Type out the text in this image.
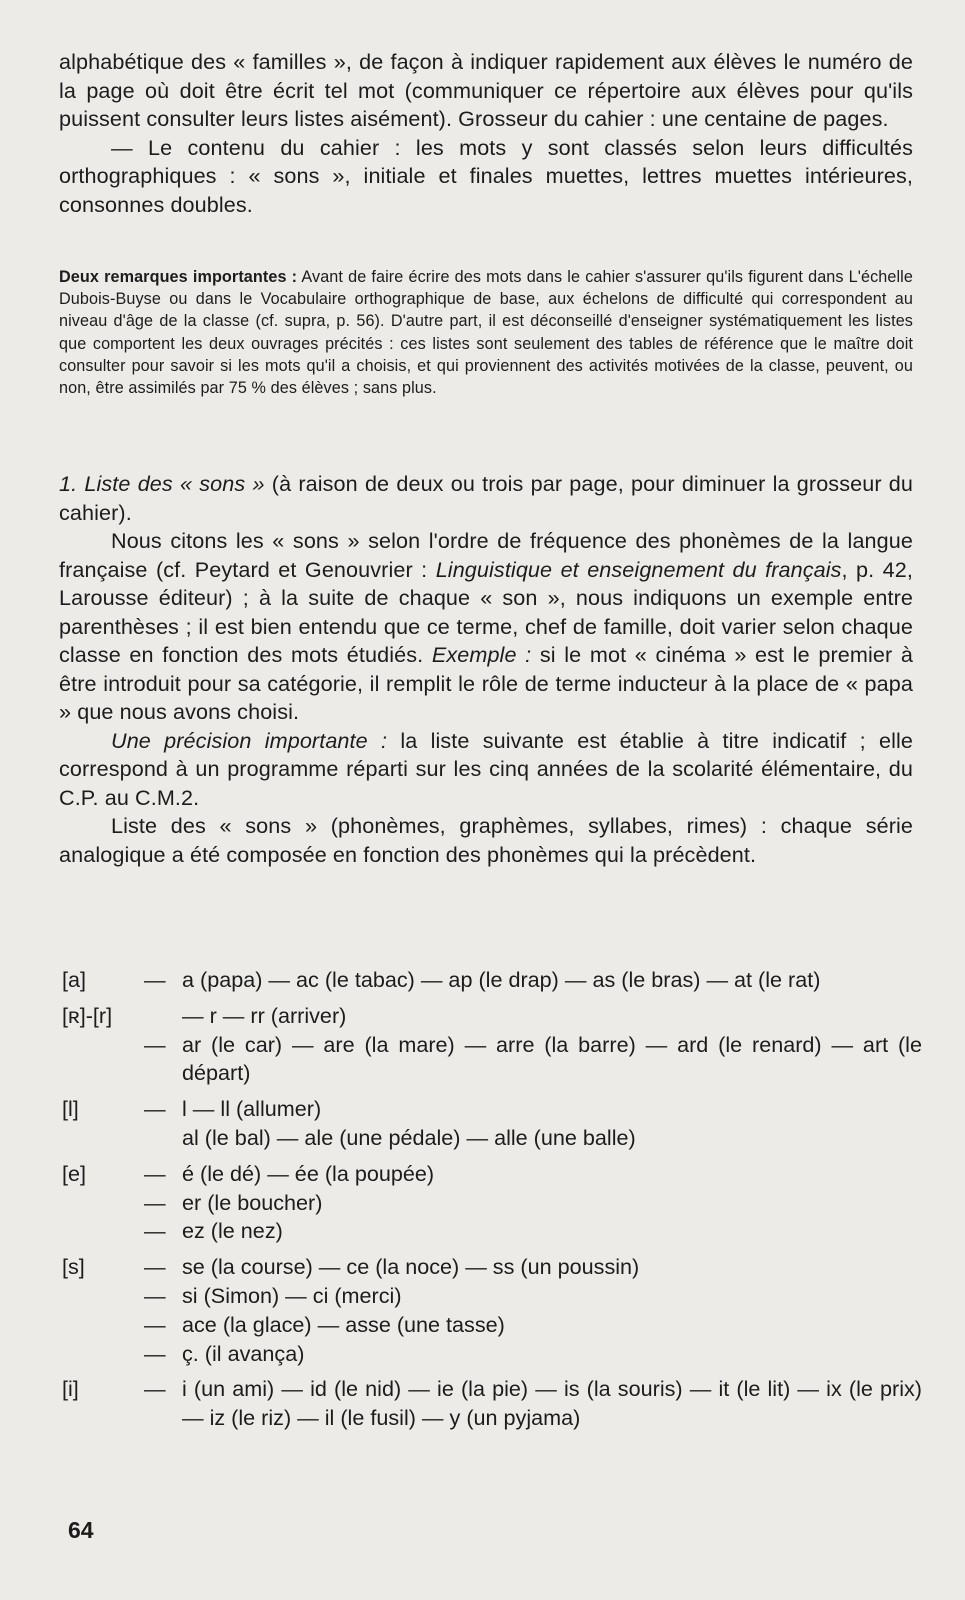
alphabétique des « familles », de façon à indiquer rapidement aux élèves le numéro de la page où doit être écrit tel mot (communiquer ce répertoire aux élèves pour qu'ils puissent consulter leurs listes aisément). Grosseur du cahier : une centaine de pages.

— Le contenu du cahier : les mots y sont classés selon leurs difficultés orthographiques : « sons », initiale et finales muettes, lettres muettes intérieures, consonnes doubles.

Deux remarques importantes : Avant de faire écrire des mots dans le cahier s'assurer qu'ils figurent dans L'échelle Dubois-Buyse ou dans le Vocabulaire orthographique de base, aux échelons de difficulté qui correspondent au niveau d'âge de la classe (cf. supra, p. 56). D'autre part, il est déconseillé d'enseigner systématiquement les listes que comportent les deux ouvrages précités : ces listes sont seulement des tables de référence que le maître doit consulter pour savoir si les mots qu'il a choisis, et qui proviennent des activités motivées de la classe, peuvent, ou non, être assimilés par 75 % des élèves ; sans plus.

1. Liste des « sons » (à raison de deux ou trois par page, pour diminuer la grosseur du cahier).

Nous citons les « sons » selon l'ordre de fréquence des phonèmes de la langue française (cf. Peytard et Genouvrier : Linguistique et enseignement du français, p. 42, Larousse éditeur) ; à la suite de chaque « son », nous indiquons un exemple entre parenthèses ; il est bien entendu que ce terme, chef de famille, doit varier selon chaque classe en fonction des mots étudiés. Exemple : si le mot « cinéma » est le premier à être introduit pour sa catégorie, il remplit le rôle de terme inducteur à la place de « papa » que nous avons choisi.

Une précision importante : la liste suivante est établie à titre indicatif ; elle correspond à un programme réparti sur les cinq années de la scolarité élémentaire, du C.P. au C.M.2.

Liste des « sons » (phonèmes, graphèmes, syllabes, rimes) : chaque série analogique a été composée en fonction des phonèmes qui la précèdent.

[a]	— a (papa) — ac (le tabac) — ap (le drap) — as (le bras) — at (le rat)
[ʀ]-[r]	— r — rr (arriver)
— ar (le car) — are (la mare) — arre (la barre) — ard (le renard) — art (le départ)
[l]	— l — ll (allumer)
al (le bal) — ale (une pédale) — alle (une balle)
[e]	— é (le dé) — ée (la poupée)
— er (le boucher)
— ez (le nez)
[s]	— se (la course) — ce (la noce) — ss (un poussin)
— si (Simon) — ci (merci)
— ace (la glace) — asse (une tasse)
— ç. (il avança)
[i]	— i (un ami) — id (le nid) — ie (la pie) — is (la souris) — it (le lit) — ix (le prix) — iz (le riz) — il (le fusil) — y (un pyjama)
64
